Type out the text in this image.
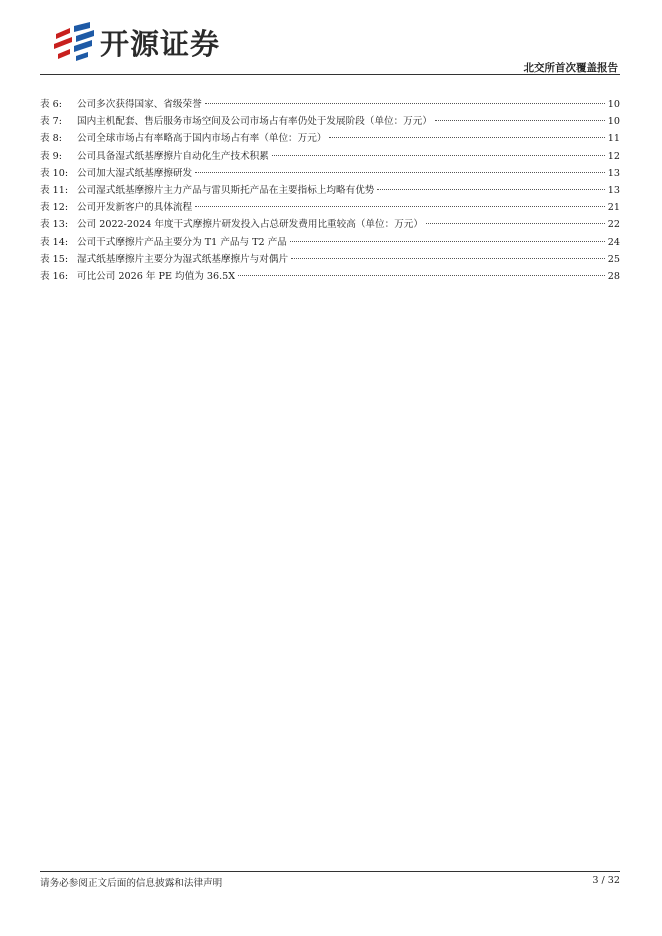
开源证券
北交所首次覆盖报告
表 6:	公司多次获得国家、省级荣誉	10
表 7:	国内主机配套、售后服务市场空间及公司市场占有率仍处于发展阶段（单位：万元）	10
表 8:	公司全球市场占有率略高于国内市场占有率（单位：万元）	11
表 9:	公司具备湿式纸基摩擦片自动化生产技术积累	12
表 10: 公司加大湿式纸基摩擦研发	13
表 11: 公司湿式纸基摩擦片主力产品与雷贝斯托产品在主要指标上均略有优势	13
表 12: 公司开发新客户的具体流程	21
表 13: 公司 2022-2024 年度干式摩擦片研发投入占总研发费用比重较高（单位：万元）	22
表 14: 公司干式摩擦片产品主要分为 T1 产品与 T2 产品	24
表 15: 湿式纸基摩擦片主要分为湿式纸基摩擦片与对偶片	25
表 16: 可比公司 2026 年 PE 均值为 36.5X	28
请务必参阅正文后面的信息披露和法律声明	3 / 32
